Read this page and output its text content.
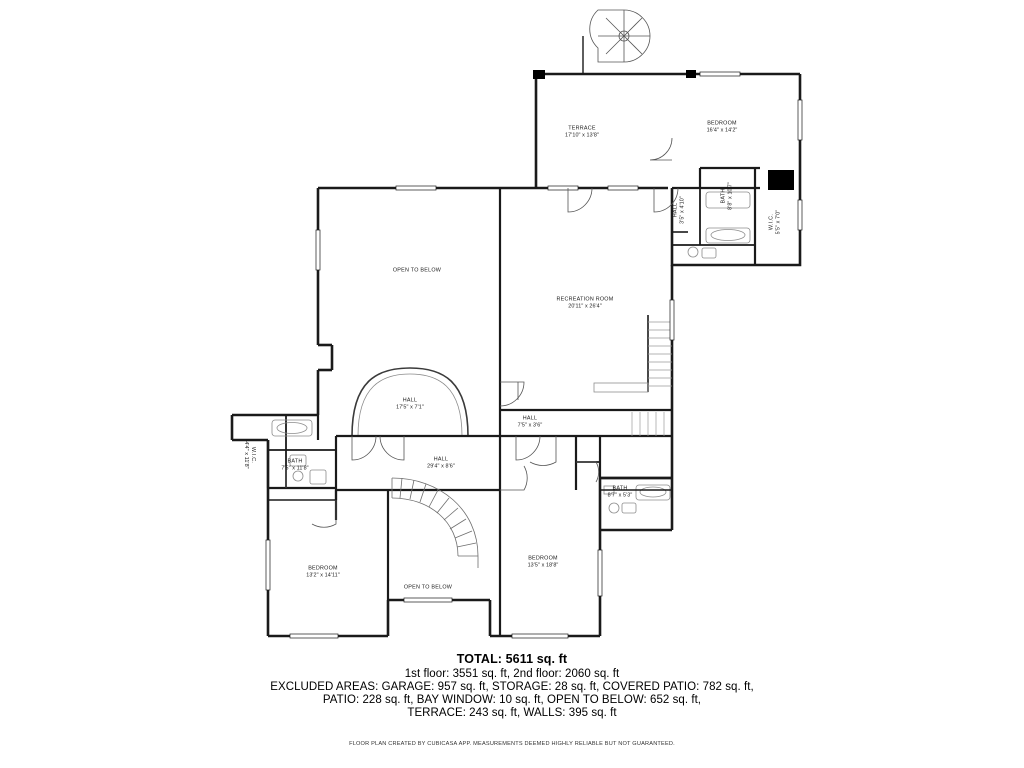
TERRACE
17'10" x 13'8"
BEDROOM
16'4" x 14'2"
BATH 8'8" x 10'7"
HALL 3'5" x 4'10"	W.I.C. 5'5" x 7'0"
OPEN TO BELOW
RECREATION ROOM
20'11" x 26'4"
HALL
17'5" x 7'1"
HALL
7'5" x 3'6"
HALL
29'4" x 8'6"
W.I.C.
4'4" x 11'8"	BATH
7'5" x 11'8"
BATH
8'7" x 5'3"
BEDROOM
13'2" x 14'11"
BEDROOM
13'5" x 18'8"
OPEN TO BELOW

TOTAL: 5611 sq. ft

1st floor: 3551 sq. ft, 2nd floor: 2060 sq. ft

EXCLUDED AREAS: GARAGE: 957 sq. ft, STORAGE: 28 sq. ft, COVERED PATIO: 782 sq. ft,

PATIO: 228 sq. ft, BAY WINDOW: 10 sq. ft, OPEN TO BELOW: 652 sq. ft,

TERRACE: 243 sq. ft, WALLS: 395 sq. ft

FLOOR PLAN CREATED BY CUBICASA APP. MEASUREMENTS DEEMED HIGHLY RELIABLE BUT NOT GUARANTEED.
